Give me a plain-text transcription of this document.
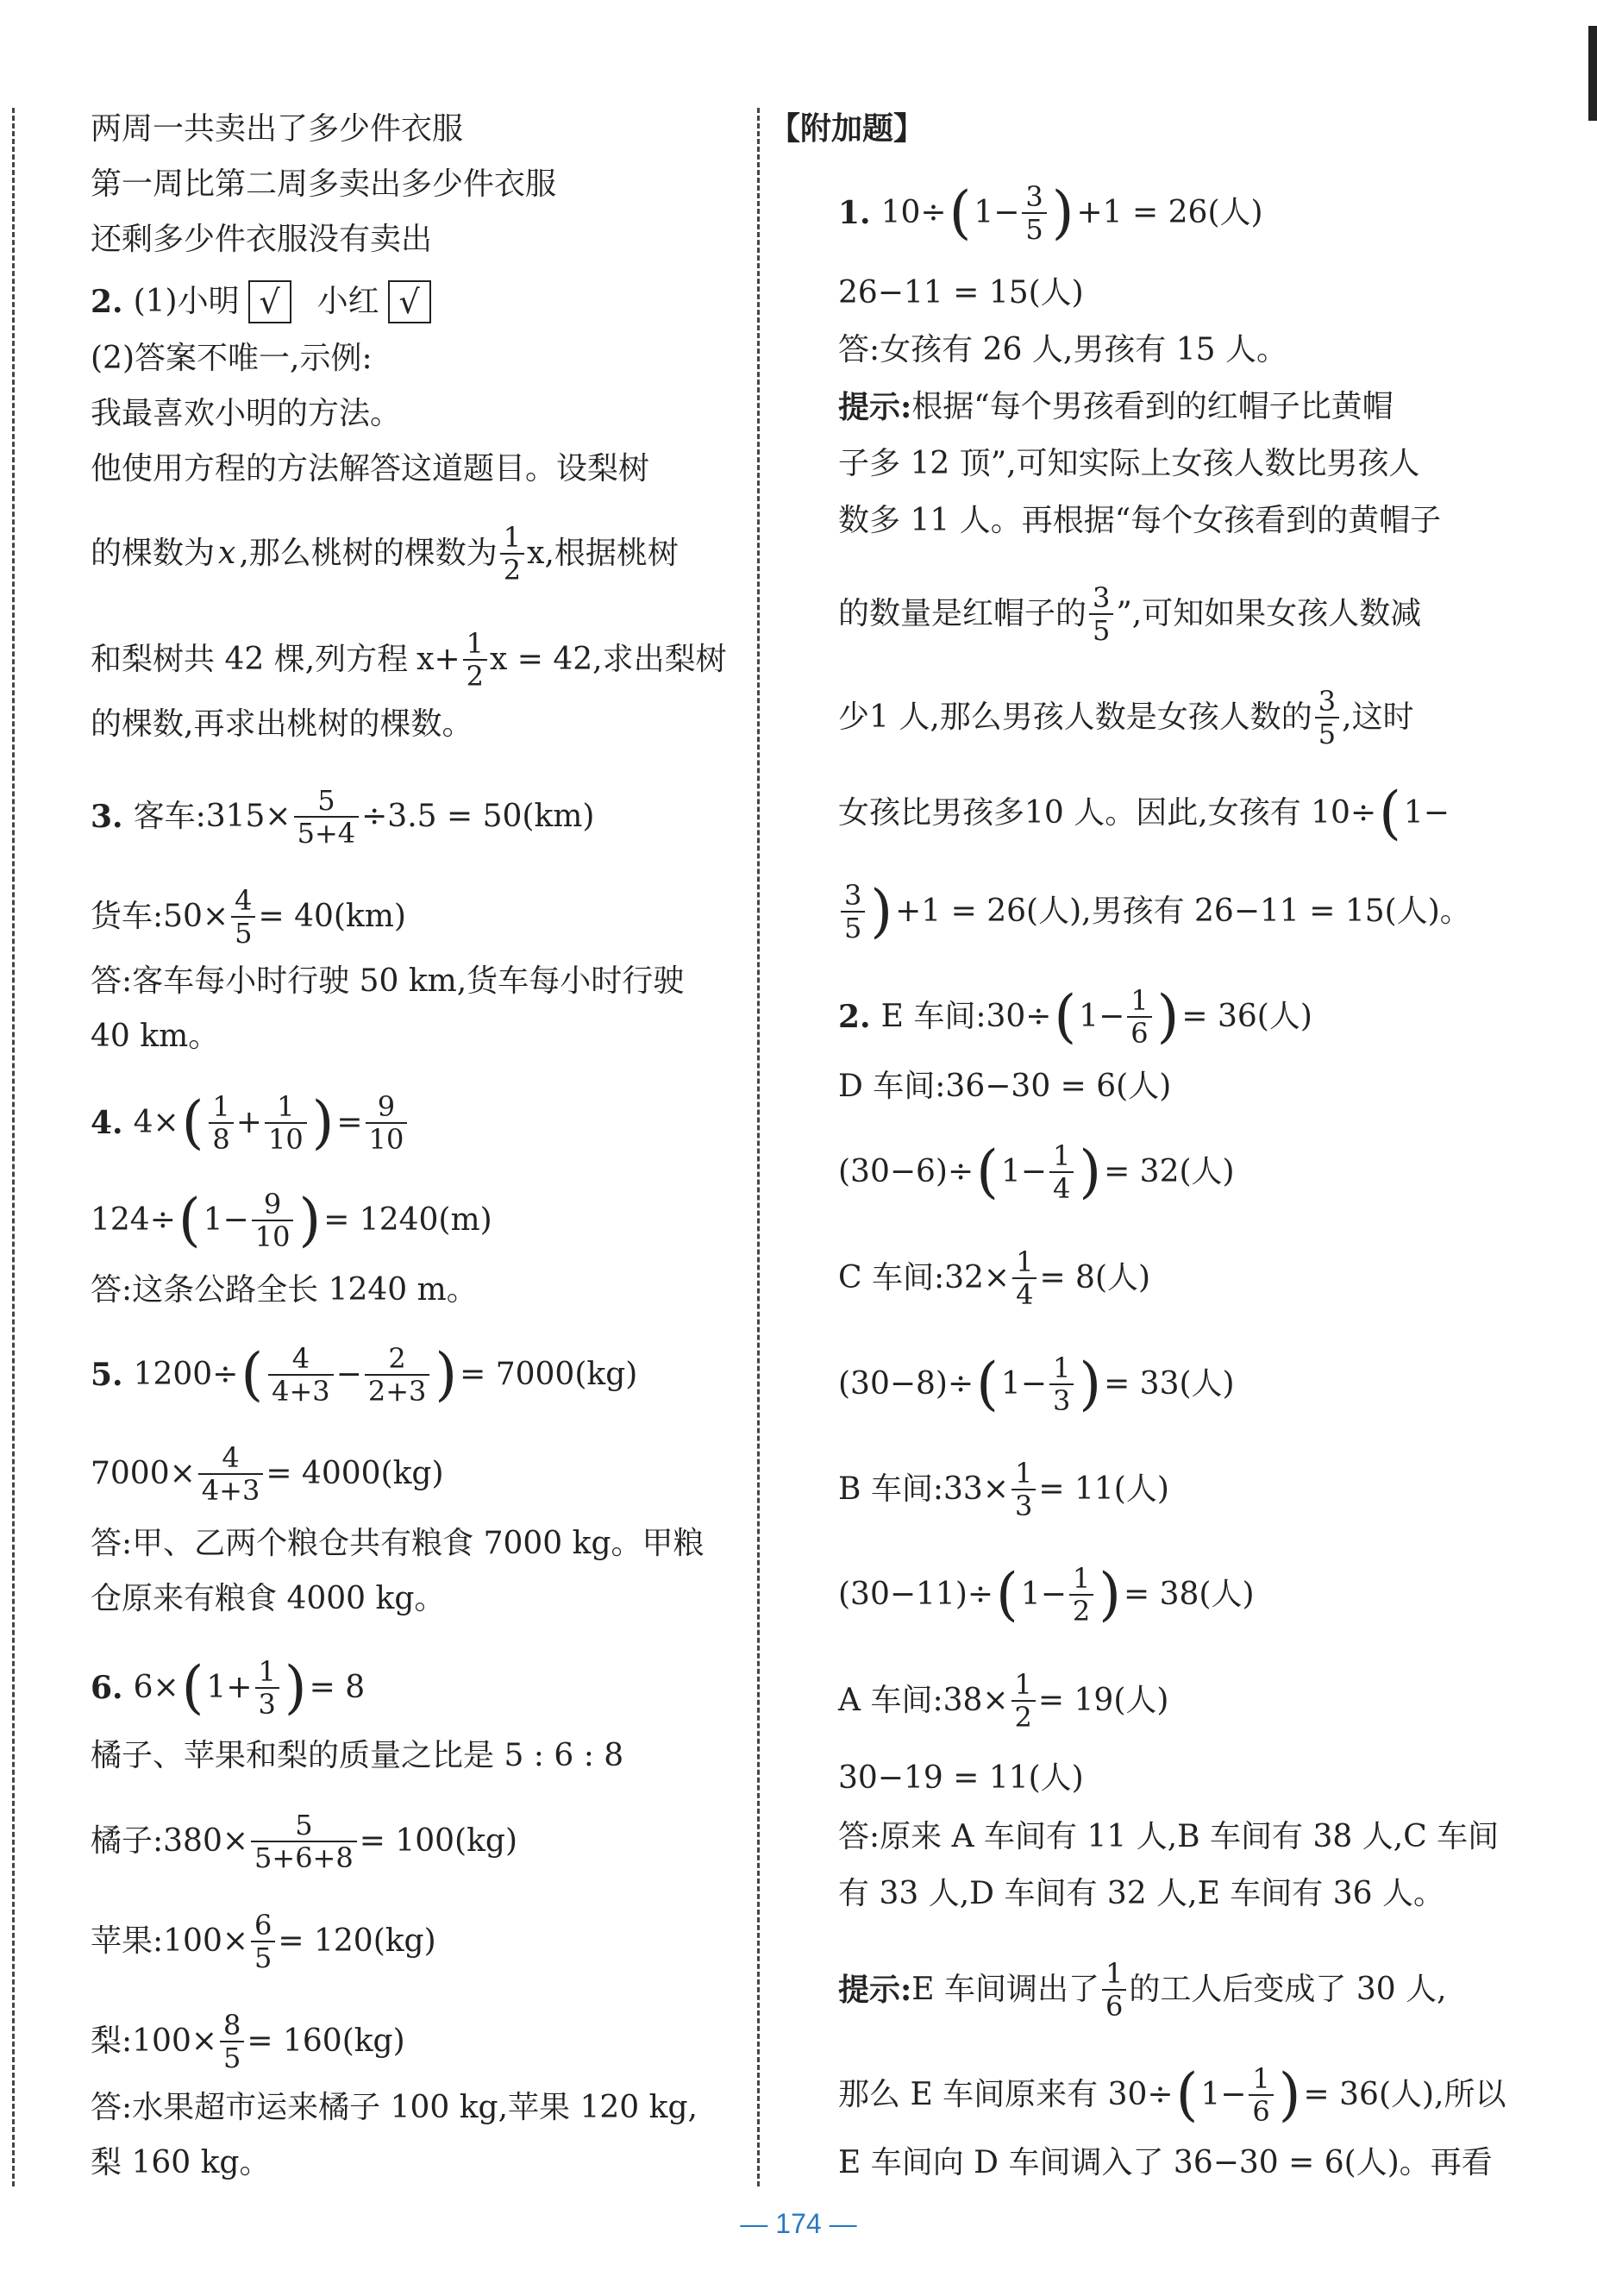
两周一共卖出了多少件衣服
第一周比第二周多卖出多少件衣服
还剩多少件衣服没有卖出
2. (1)小明 √	小红 √
(2)答案不唯一,示例:
我最喜欢小明的方法。
他使用方程的方法解答这道题目。设梨树
的棵数为 x ,那么桃树的棵数为 $\frac{1}{2} x$,根据桃树
和梨树共 42 棵,列方程 $x+ \frac{1}{2}$ x = 42,求出梨树
的棵数,再求出桃树的棵数。
3. 客车:315× $\frac{5}{5+4} \div 3.5 = 50(km)$
货车:50× $\frac{4}{5} = 40(km)$
答:客车每小时行驶 50 km,货车每小时行驶
40 km。
4. 4× ( $\frac{1}{8} + \frac{1}{10}$ ) = $\frac{9}{10}$
124÷ ( $1- \frac{9}{10}$ ) = 1240(m)
答:这条公路全长 1240 m。
5. 1200÷ ( $\frac{4}{4+3} - \frac{2}{2+3}$ ) = 7000(kg)
$7000\times \frac{4}{4+3} = 4000(kg)$
答:甲、乙两个粮仓共有粮食 7000 kg。甲粮
仓原来有粮食 4000 kg。
6. 6× ( $1+ \frac{1}{3}$ ) = 8
橘子、苹果和梨的质量之比是 5 : 6 : 8
橘子:380× $\frac{5}{5+6+8} = 100(kg)$
苹果:100× $\frac{6}{5} = 120(kg)$
梨:100× $\frac{8}{5} = 160(kg)$
答:水果超市运来橘子 100 kg,苹果 120 kg,
梨 160 kg。
【附加题】
1. 10÷ ( $1- \frac{3}{5}$ ) +1 = 26(人)
26−11 = 15(人)
答:女孩有 26 人,男孩有 15 人。
提示: 根据“每个男孩看到的红帽子比黄帽
子多 12 顶”,可知实际上女孩人数比男孩人
数多 11 人。再根据“每个女孩看到的黄帽子
的数量是红帽子的 $\frac{3}{5}$ ”,可知如果女孩人数减
少1 人,那么男孩人数是女孩人数的 $\frac{3}{5}$ ,这时
女孩比男孩多10 人。因此,女孩有 10÷ ( 1−
$\frac{3}{5}$ ) +1 = 26(人),男孩有 26−11 = 15(人)。
2. E 车间:30÷ ( $1- \frac{1}{6}$ ) = 36(人)
D 车间:36−30 = 6(人)
(30−6)÷ ( $1- \frac{1}{4}$ ) = 32(人)
C 车间:32× $\frac{1}{4} = 8$(人)
(30−8)÷ ( $1- \frac{1}{3}$ ) = 33(人)
B 车间:33× $\frac{1}{3} = 11$(人)
(30−11)÷ ( $1- \frac{1}{2}$ ) = 38(人)
A 车间:38× $\frac{1}{2} = 19$(人)
30−19 = 11(人)
答:原来 A 车间有 11 人,B 车间有 38 人,C 车间
有 33 人,D 车间有 32 人,E 车间有 36 人。
提示: E 车间调出了 $\frac{1}{6}$ 的工人后变成了 30 人,
那么 E 车间原来有 30÷ ( $1- \frac{1}{6}$ ) = 36(人),所以
E 车间向 D 车间调入了 36−30 = 6(人)。再看
— 174 —
